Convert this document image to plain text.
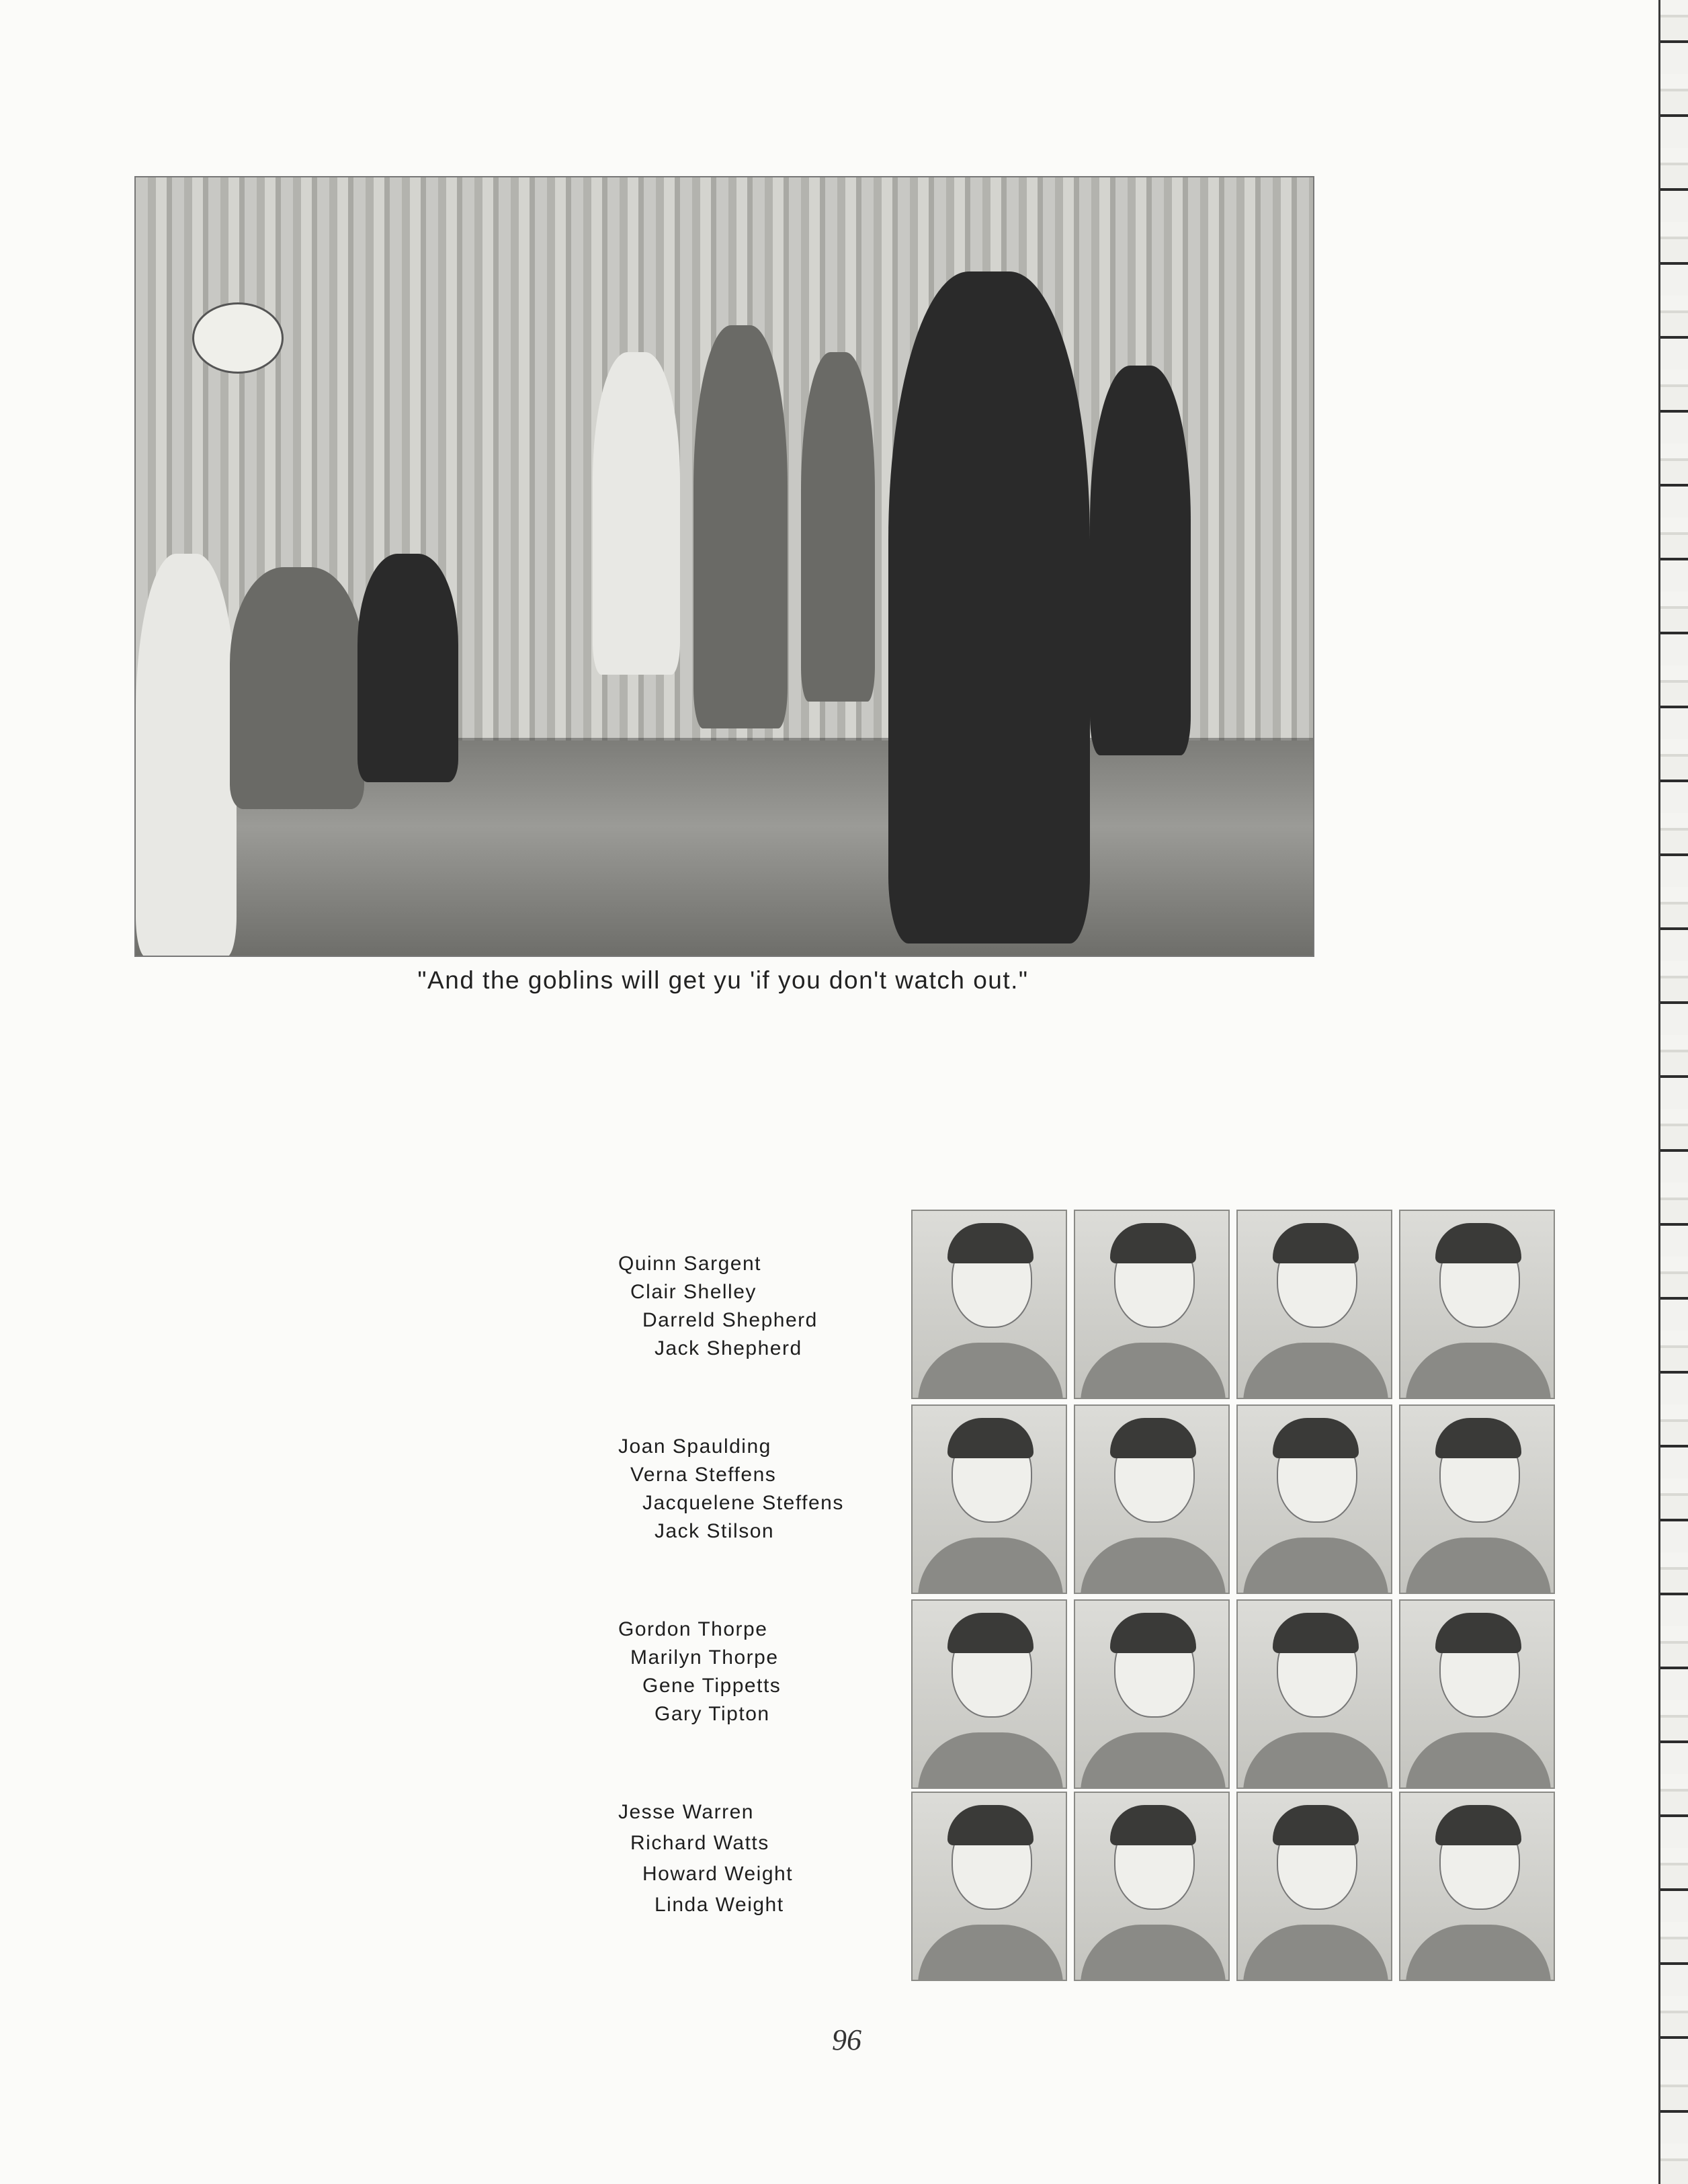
"And the goblins will get yu 'if you don't watch out."
Quinn Sargent
Clair Shelley
Darreld Shepherd
Jack Shepherd
Joan Spaulding
Verna Steffens
Jacquelene Steffens
Jack Stilson
Gordon Thorpe
Marilyn Thorpe
Gene Tippetts
Gary Tipton
Jesse Warren
Richard Watts
Howard Weight
Linda Weight
96
